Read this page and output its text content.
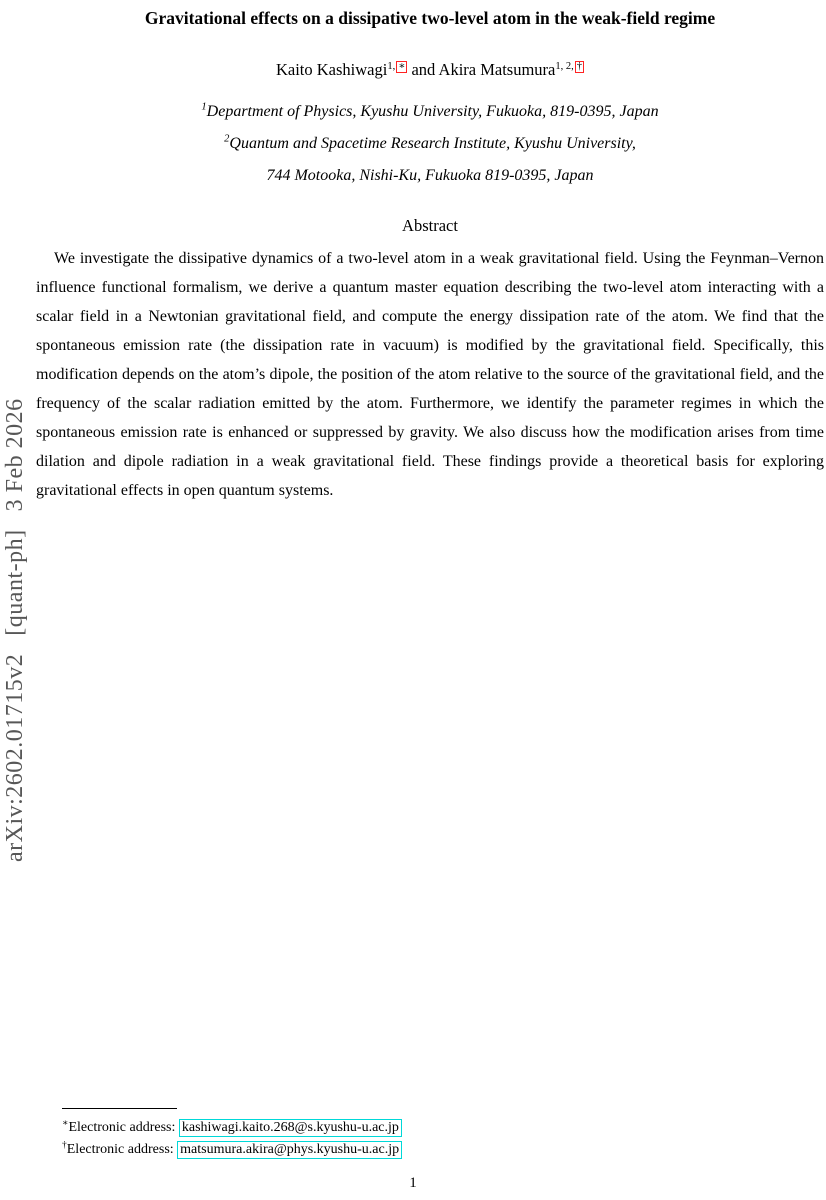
Gravitational effects on a dissipative two-level atom in the weak-field regime
Kaito Kashiwagi$^{1, ∗}$ and Akira Matsumura$^{1, 2, \dagger}$
$^1$Department of Physics, Kyushu University, Fukuoka, 819-0395, Japan
$^2$Quantum and Spacetime Research Institute, Kyushu University,
744 Motooka, Nishi-Ku, Fukuoka 819-0395, Japan
Abstract
We investigate the dissipative dynamics of a two-level atom in a weak gravitational field. Using the Feynman–Vernon influence functional formalism, we derive a quantum master equation describing the two-level atom interacting with a scalar field in a Newtonian gravitational field, and compute the energy dissipation rate of the atom. We find that the spontaneous emission rate (the dissipation rate in vacuum) is modified by the gravitational field. Specifically, this modification depends on the atom’s dipole, the position of the atom relative to the source of the gravitational field, and the frequency of the scalar radiation emitted by the atom. Furthermore, we identify the parameter regimes in which the spontaneous emission rate is enhanced or suppressed by gravity. We also discuss how the modification arises from time dilation and dipole radiation in a weak gravitational field. These findings provide a theoretical basis for exploring gravitational effects in open quantum systems.
arXiv:2602.01715v2[quant-ph]3 Feb 2026
∗Electronic address: kashiwagi.kaito.268@s.kyushu-u.ac.jp
†Electronic address: matsumura.akira@phys.kyushu-u.ac.jp
1
